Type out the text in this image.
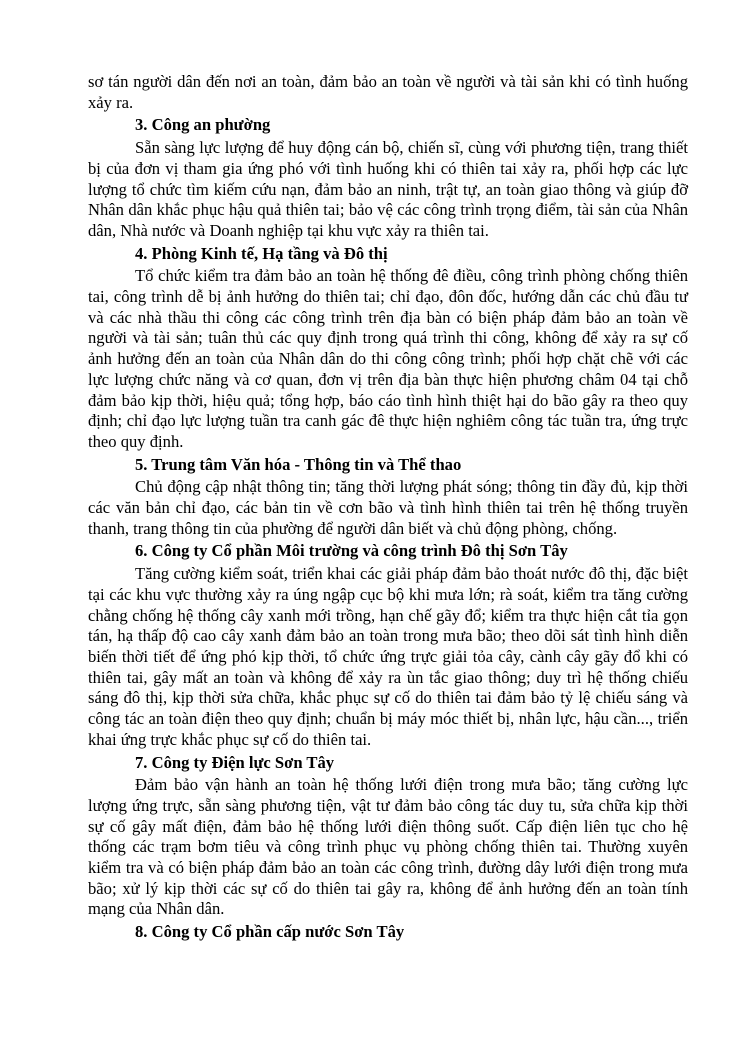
sơ tán người dân đến nơi an toàn, đảm bảo an toàn về người và tài sản khi có tình huống xảy ra.

3. Công an phường

Sẵn sàng lực lượng để huy động cán bộ, chiến sĩ, cùng với phương tiện, trang thiết bị của đơn vị tham gia ứng phó với tình huống khi có thiên tai xảy ra, phối hợp các lực lượng tổ chức tìm kiếm cứu nạn, đảm bảo an ninh, trật tự, an toàn giao thông và giúp đỡ Nhân dân khắc phục hậu quả thiên tai; bảo vệ các công trình trọng điểm, tài sản của Nhân dân, Nhà nước và Doanh nghiệp tại khu vực xảy ra thiên tai.

4. Phòng Kinh tế, Hạ tầng và Đô thị

Tổ chức kiểm tra đảm bảo an toàn hệ thống đê điều, công trình phòng chống thiên tai, công trình dễ bị ảnh hưởng do thiên tai; chỉ đạo, đôn đốc, hướng dẫn các chủ đầu tư và các nhà thầu thi công các công trình trên địa bàn có biện pháp đảm bảo an toàn về người và tài sản; tuân thủ các quy định trong quá trình thi công, không để xảy ra sự cố ảnh hưởng đến an toàn của Nhân dân do thi công công trình; phối hợp chặt chẽ với các lực lượng chức năng và cơ quan, đơn vị trên địa bàn thực hiện phương châm 04 tại chỗ đảm bảo kịp thời, hiệu quả; tổng hợp, báo cáo tình hình thiệt hại do bão gây ra theo quy định; chỉ đạo lực lượng tuần tra canh gác đê thực hiện nghiêm công tác tuần tra, ứng trực theo quy định.

5. Trung tâm Văn hóa - Thông tin và Thể thao

Chủ động cập nhật thông tin; tăng thời lượng phát sóng; thông tin đầy đủ, kịp thời các văn bản chỉ đạo, các bản tin về cơn bão và tình hình thiên tai trên hệ thống truyền thanh, trang thông tin của phường để người dân biết và chủ động phòng, chống.

6. Công ty Cổ phần Môi trường và công trình Đô thị Sơn Tây

Tăng cường kiểm soát, triển khai các giải pháp đảm bảo thoát nước đô thị, đặc biệt tại các khu vực thường xảy ra úng ngập cục bộ khi mưa lớn; rà soát, kiểm tra tăng cường chằng chống hệ thống cây xanh mới trồng, hạn chế gãy đổ; kiểm tra thực hiện cắt tỉa gọn tán, hạ thấp độ cao cây xanh đảm bảo an toàn trong mưa bão; theo dõi sát tình hình diễn biến thời tiết để ứng phó kịp thời, tổ chức ứng trực giải tỏa cây, cành cây gãy đổ khi có thiên tai, gây mất an toàn và không để xảy ra ùn tắc giao thông; duy trì hệ thống chiếu sáng đô thị, kịp thời sửa chữa, khắc phục sự cố do thiên tai đảm bảo tỷ lệ chiếu sáng và công tác an toàn điện theo quy định; chuẩn bị máy móc thiết bị, nhân lực, hậu cần..., triển khai ứng trực khắc phục sự cố do thiên tai.

7. Công ty Điện lực Sơn Tây

Đảm bảo vận hành an toàn hệ thống lưới điện trong mưa bão; tăng cường lực lượng ứng trực, sẵn sàng phương tiện, vật tư đảm bảo công tác duy tu, sửa chữa kịp thời sự cố gây mất điện, đảm bảo hệ thống lưới điện thông suốt. Cấp điện liên tục cho hệ thống các trạm bơm tiêu và công trình phục vụ phòng chống thiên tai. Thường xuyên kiểm tra và có biện pháp đảm bảo an toàn các công trình, đường dây lưới điện trong mưa bão; xử lý kịp thời các sự cố do thiên tai gây ra, không để ảnh hưởng đến an toàn tính mạng của Nhân dân.

8. Công ty Cổ phần cấp nước Sơn Tây
